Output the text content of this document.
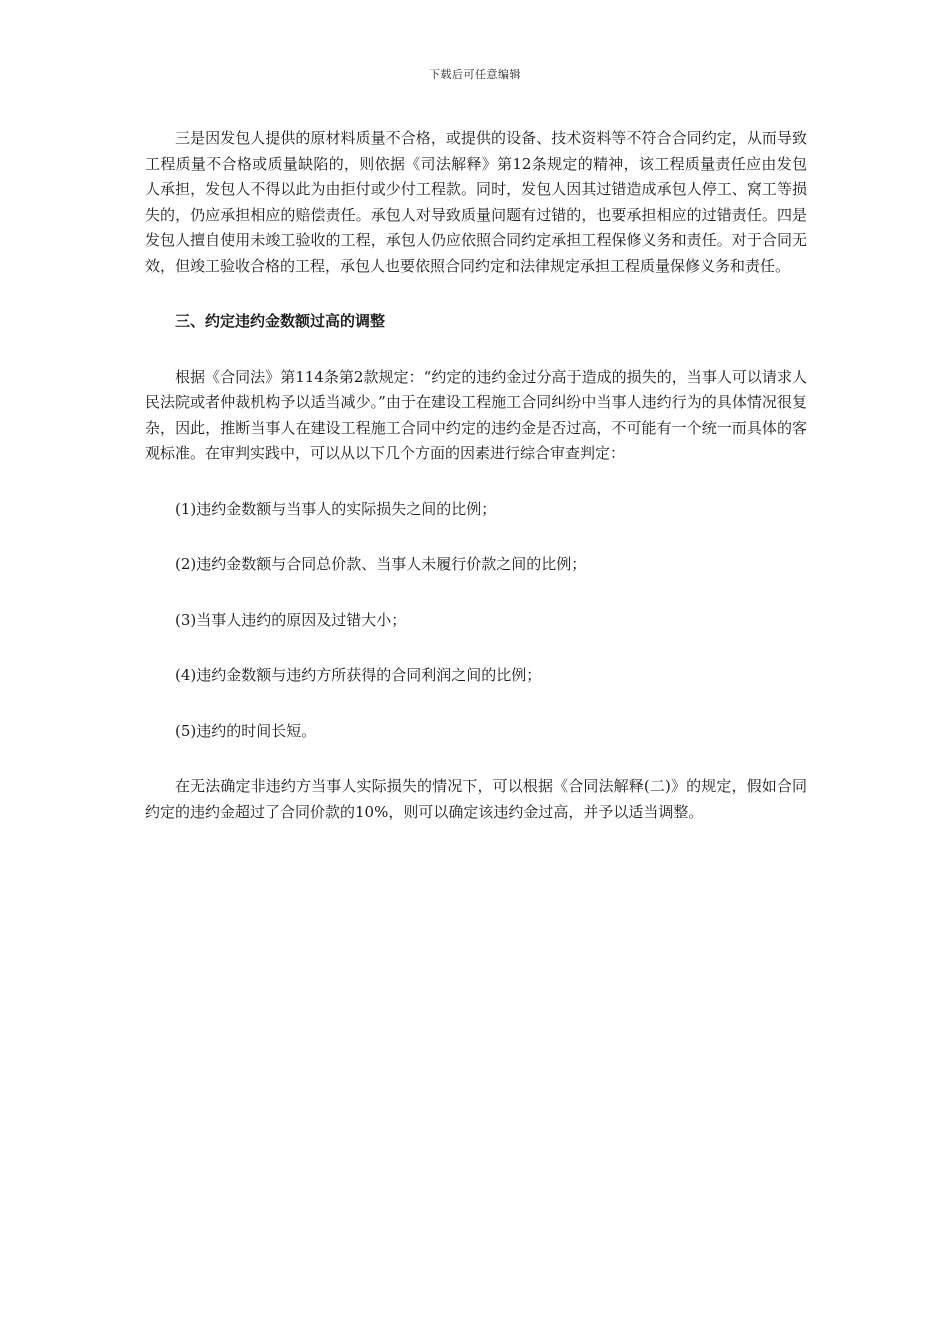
下载后可任意编辑

三是因发包人提供的原材料质量不合格，或提供的设备、技术资料等不符合合同约定，从而导致工程质量不合格或质量缺陷的，则依据《司法解释》第12条规定的精神，该工程质量责任应由发包人承担，发包人不得以此为由拒付或少付工程款。同时，发包人因其过错造成承包人停工、窝工等损失的，仍应承担相应的赔偿责任。承包人对导致质量问题有过错的，也要承担相应的过错责任。四是发包人擅自使用未竣工验收的工程，承包人仍应依照合同约定承担工程保修义务和责任。对于合同无效，但竣工验收合格的工程，承包人也要依照合同约定和法律规定承担工程质量保修义务和责任。

三、约定违约金数额过高的调整

根据《合同法》第114条第2款规定：“约定的违约金过分高于造成的损失的，当事人可以请求人民法院或者仲裁机构予以适当减少。”由于在建设工程施工合同纠纷中当事人违约行为的具体情况很复杂，因此，推断当事人在建设工程施工合同中约定的违约金是否过高，不可能有一个统一而具体的客观标准。在审判实践中，可以从以下几个方面的因素进行综合审查判定：

(1)违约金数额与当事人的实际损失之间的比例；

(2)违约金数额与合同总价款、当事人未履行价款之间的比例；

(3)当事人违约的原因及过错大小；

(4)违约金数额与违约方所获得的合同利润之间的比例；

(5)违约的时间长短。

在无法确定非违约方当事人实际损失的情况下，可以根据《合同法解释(二)》的规定，假如合同约定的违约金超过了合同价款的10%，则可以确定该违约金过高，并予以适当调整。
